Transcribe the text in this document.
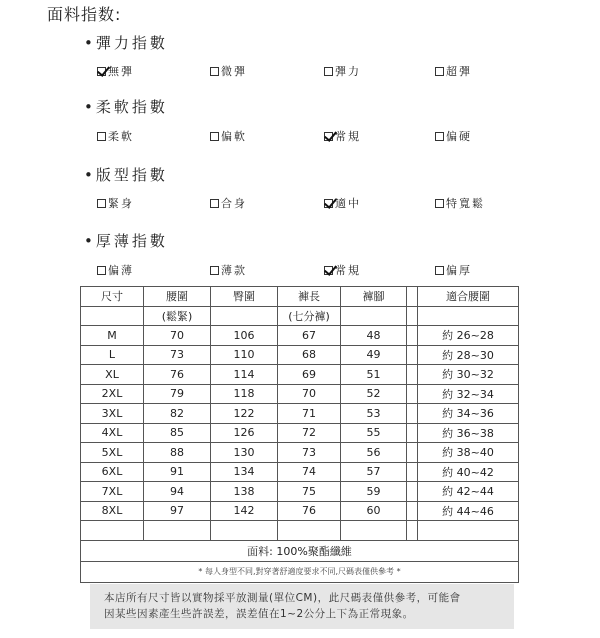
面料指数:
•彈力指數
無彈	微彈	彈力	超彈
•柔軟指數
柔軟	偏軟	常規	偏硬
•版型指數
緊身	合身	適中	特寬鬆
•厚薄指數
偏薄	薄款	常規	偏厚
尺寸	腰圍	臀圍	褲長	褲腳		適合腰圍
	(鬆緊)		(七分褲)			
M	70	106	67	48		約 26~28
L	73	110	68	49		約 28~30
XL	76	114	69	51		約 30~32
2XL	79	118	70	52		約 32~34
3XL	82	122	71	53		約 34~36
4XL	85	126	72	55		約 36~38
5XL	88	130	73	56		約 38~40
6XL	91	134	74	57		約 40~42
7XL	94	138	75	59		約 42~44
8XL	97	142	76	60		約 44~46

面料: 100%聚酯纖維						
* 每人身型不同,對穿著舒適度要求不同,尺碼表僅供參考 *						
本店所有尺寸皆以實物採平放測量(單位CM)，此尺碼表僅供參考，可能會
因某些因素產生些許誤差，誤差值在1~2公分上下為正常現象。
